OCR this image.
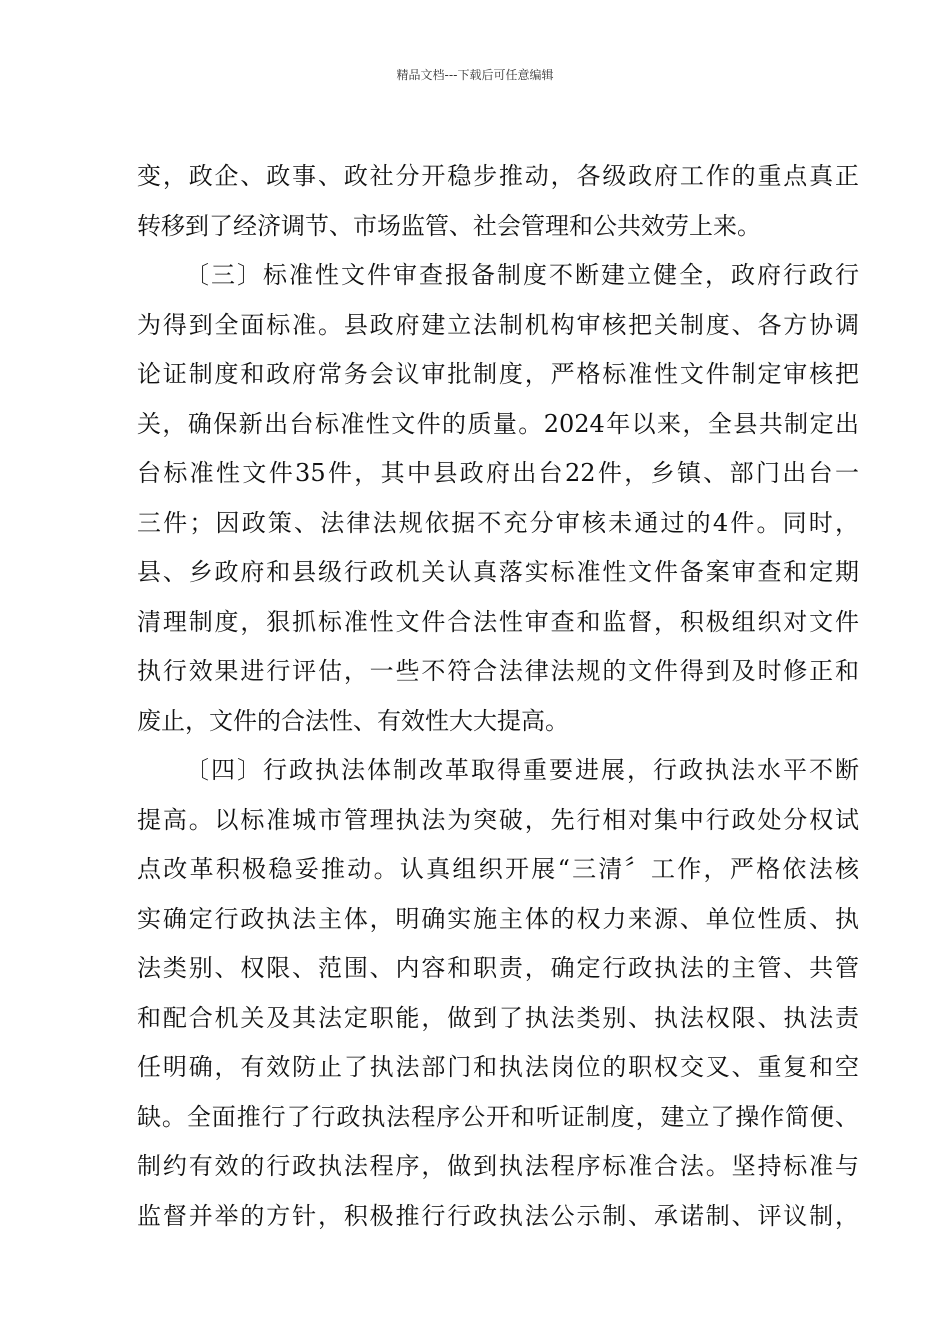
精品文档---下载后可任意编辑
变，政企、政事、政社分开稳步推动，各级政府工作的重点真正
转移到了经济调节、市场监管、社会管理和公共效劳上来。
〔三〕标准性文件审查报备制度不断建立健全，政府行政行
为得到全面标准。县政府建立法制机构审核把关制度、各方协调
论证制度和政府常务会议审批制度，严格标准性文件制定审核把
关，确保新出台标准性文件的质量。2024年以来，全县共制定出
台标准性文件35件，其中县政府出台22件，乡镇、部门出台一
三件；因政策、法律法规依据不充分审核未通过的4件。同时，
县、乡政府和县级行政机关认真落实标准性文件备案审查和定期
清理制度，狠抓标准性文件合法性审查和监督，积极组织对文件
执行效果进行评估，一些不符合法律法规的文件得到及时修正和
废止，文件的合法性、有效性大大提高。
〔四〕行政执法体制改革取得重要进展，行政执法水平不断
提高。以标准城市管理执法为突破，先行相对集中行政处分权试
点改革积极稳妥推动。认真组织开展“三清〞工作，严格依法核
实确定行政执法主体，明确实施主体的权力来源、单位性质、执
法类别、权限、范围、内容和职责，确定行政执法的主管、共管
和配合机关及其法定职能，做到了执法类别、执法权限、执法责
任明确，有效防止了执法部门和执法岗位的职权交叉、重复和空
缺。全面推行了行政执法程序公开和听证制度，建立了操作简便、
制约有效的行政执法程序，做到执法程序标准合法。坚持标准与
监督并举的方针，积极推行行政执法公示制、承诺制、评议制，
